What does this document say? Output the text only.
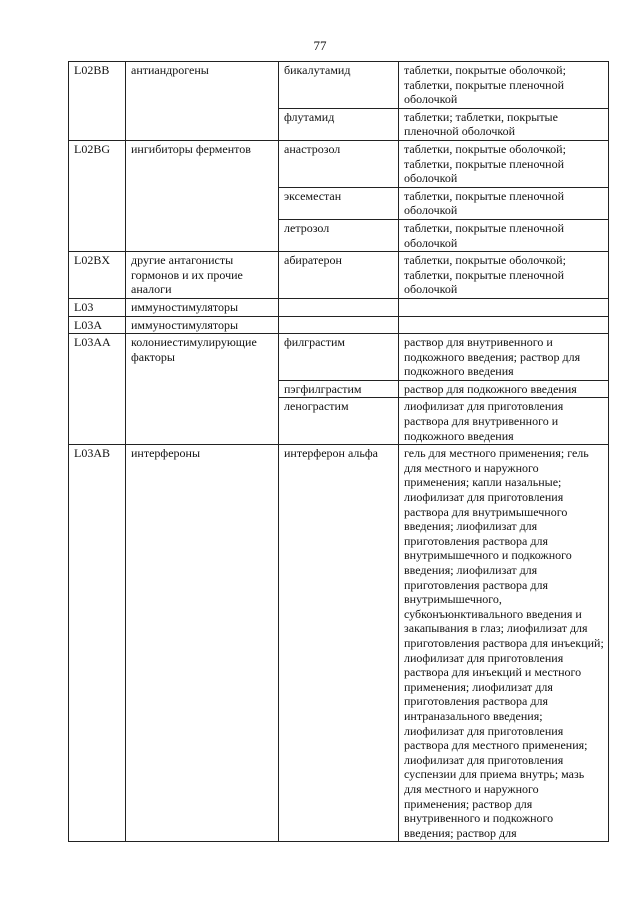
77
L02BB	антиандрогены	бикалутамид	таблетки, покрытые оболочкой; таблетки, покрытые пленочной оболочкой
		флутамид	таблетки; таблетки, покрытые пленочной оболочкой
L02BG	ингибиторы ферментов	анастрозол	таблетки, покрытые оболочкой; таблетки, покрытые пленочной оболочкой
		эксеместан	таблетки, покрытые пленочной оболочкой
		летрозол	таблетки, покрытые пленочной оболочкой
L02BX	другие антагонисты гормонов и их прочие аналоги	абиратерон	таблетки, покрытые оболочкой; таблетки, покрытые пленочной оболочкой
L03	иммуностимуляторы		
L03A	иммуностимуляторы		
L03AA	колониестимулирующие факторы	филграстим	раствор для внутривенного и подкожного введения; раствор для подкожного введения
		пэгфилграстим	раствор для подкожного введения
		ленограстим	лиофилизат для приготовления раствора для внутривенного и подкожного введения
L03AB	интерфероны	интерферон альфа	гель для местного применения; гель для местного и наружного применения; капли назальные; лиофилизат для приготовления раствора для внутримышечного введения; лиофилизат для приготовления раствора для внутримышечного и подкожного введения; лиофилизат для приготовления раствора для внутримышечного, субконъюнктивального введения и закапывания в глаз; лиофилизат для приготовления раствора для инъекций; лиофилизат для приготовления раствора для инъекций и местного применения; лиофилизат для приготовления раствора для интраназального введения; лиофилизат для приготовления раствора для местного применения; лиофилизат для приготовления суспензии для приема внутрь; мазь для местного и наружного применения; раствор для внутривенного и подкожного введения; раствор для
